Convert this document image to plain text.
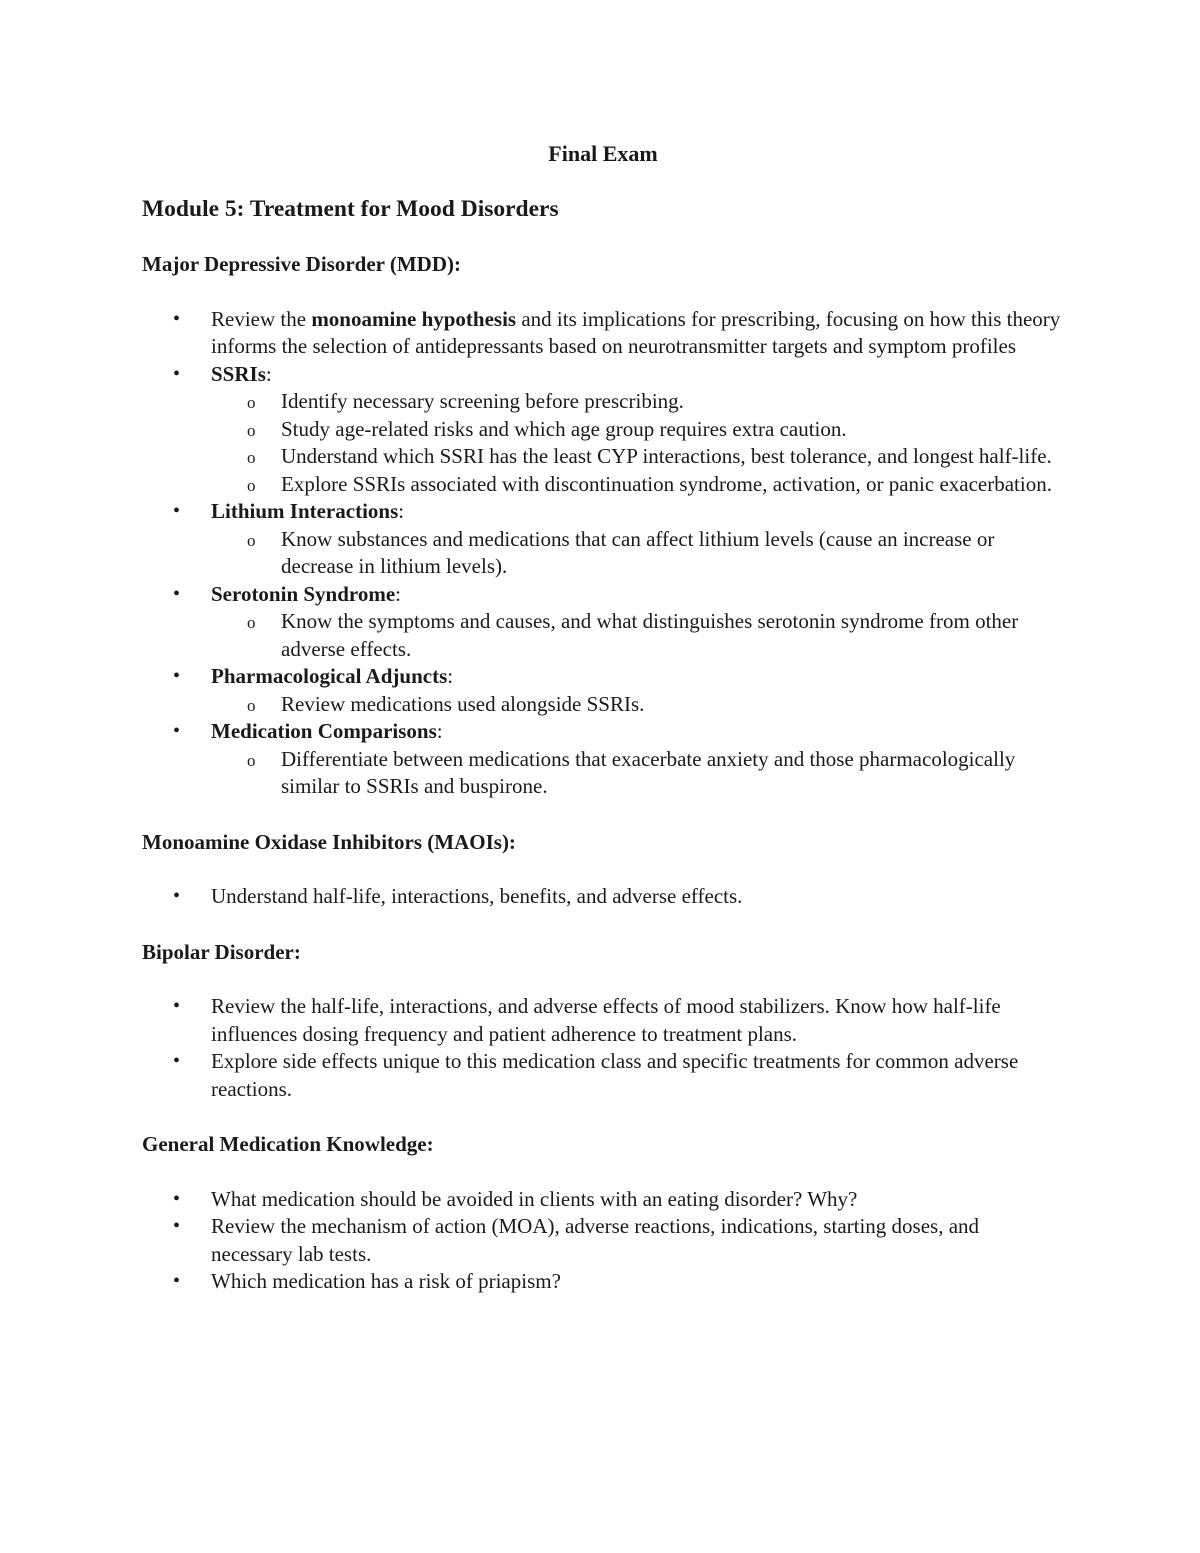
Final Exam
Module 5: Treatment for Mood Disorders
Major Depressive Disorder (MDD):
• Review the monoamine hypothesis and its implications for prescribing, focusing on how this theory informs the selection of antidepressants based on neurotransmitter targets and symptom profiles
• SSRIs:
o Identify necessary screening before prescribing.
o Study age-related risks and which age group requires extra caution.
o Understand which SSRI has the least CYP interactions, best tolerance, and longest half-life.
o Explore SSRIs associated with discontinuation syndrome, activation, or panic exacerbation.
• Lithium Interactions:
o Know substances and medications that can affect lithium levels (cause an increase or decrease in lithium levels).
• Serotonin Syndrome:
o Know the symptoms and causes, and what distinguishes serotonin syndrome from other adverse effects.
• Pharmacological Adjuncts:
o Review medications used alongside SSRIs.
• Medication Comparisons:
o Differentiate between medications that exacerbate anxiety and those pharmacologically similar to SSRIs and buspirone.
Monoamine Oxidase Inhibitors (MAOIs):
• Understand half-life, interactions, benefits, and adverse effects.
Bipolar Disorder:
• Review the half-life, interactions, and adverse effects of mood stabilizers. Know how half-life influences dosing frequency and patient adherence to treatment plans.
• Explore side effects unique to this medication class and specific treatments for common adverse reactions.
General Medication Knowledge:
• What medication should be avoided in clients with an eating disorder? Why?
• Review the mechanism of action (MOA), adverse reactions, indications, starting doses, and necessary lab tests.
• Which medication has a risk of priapism?
